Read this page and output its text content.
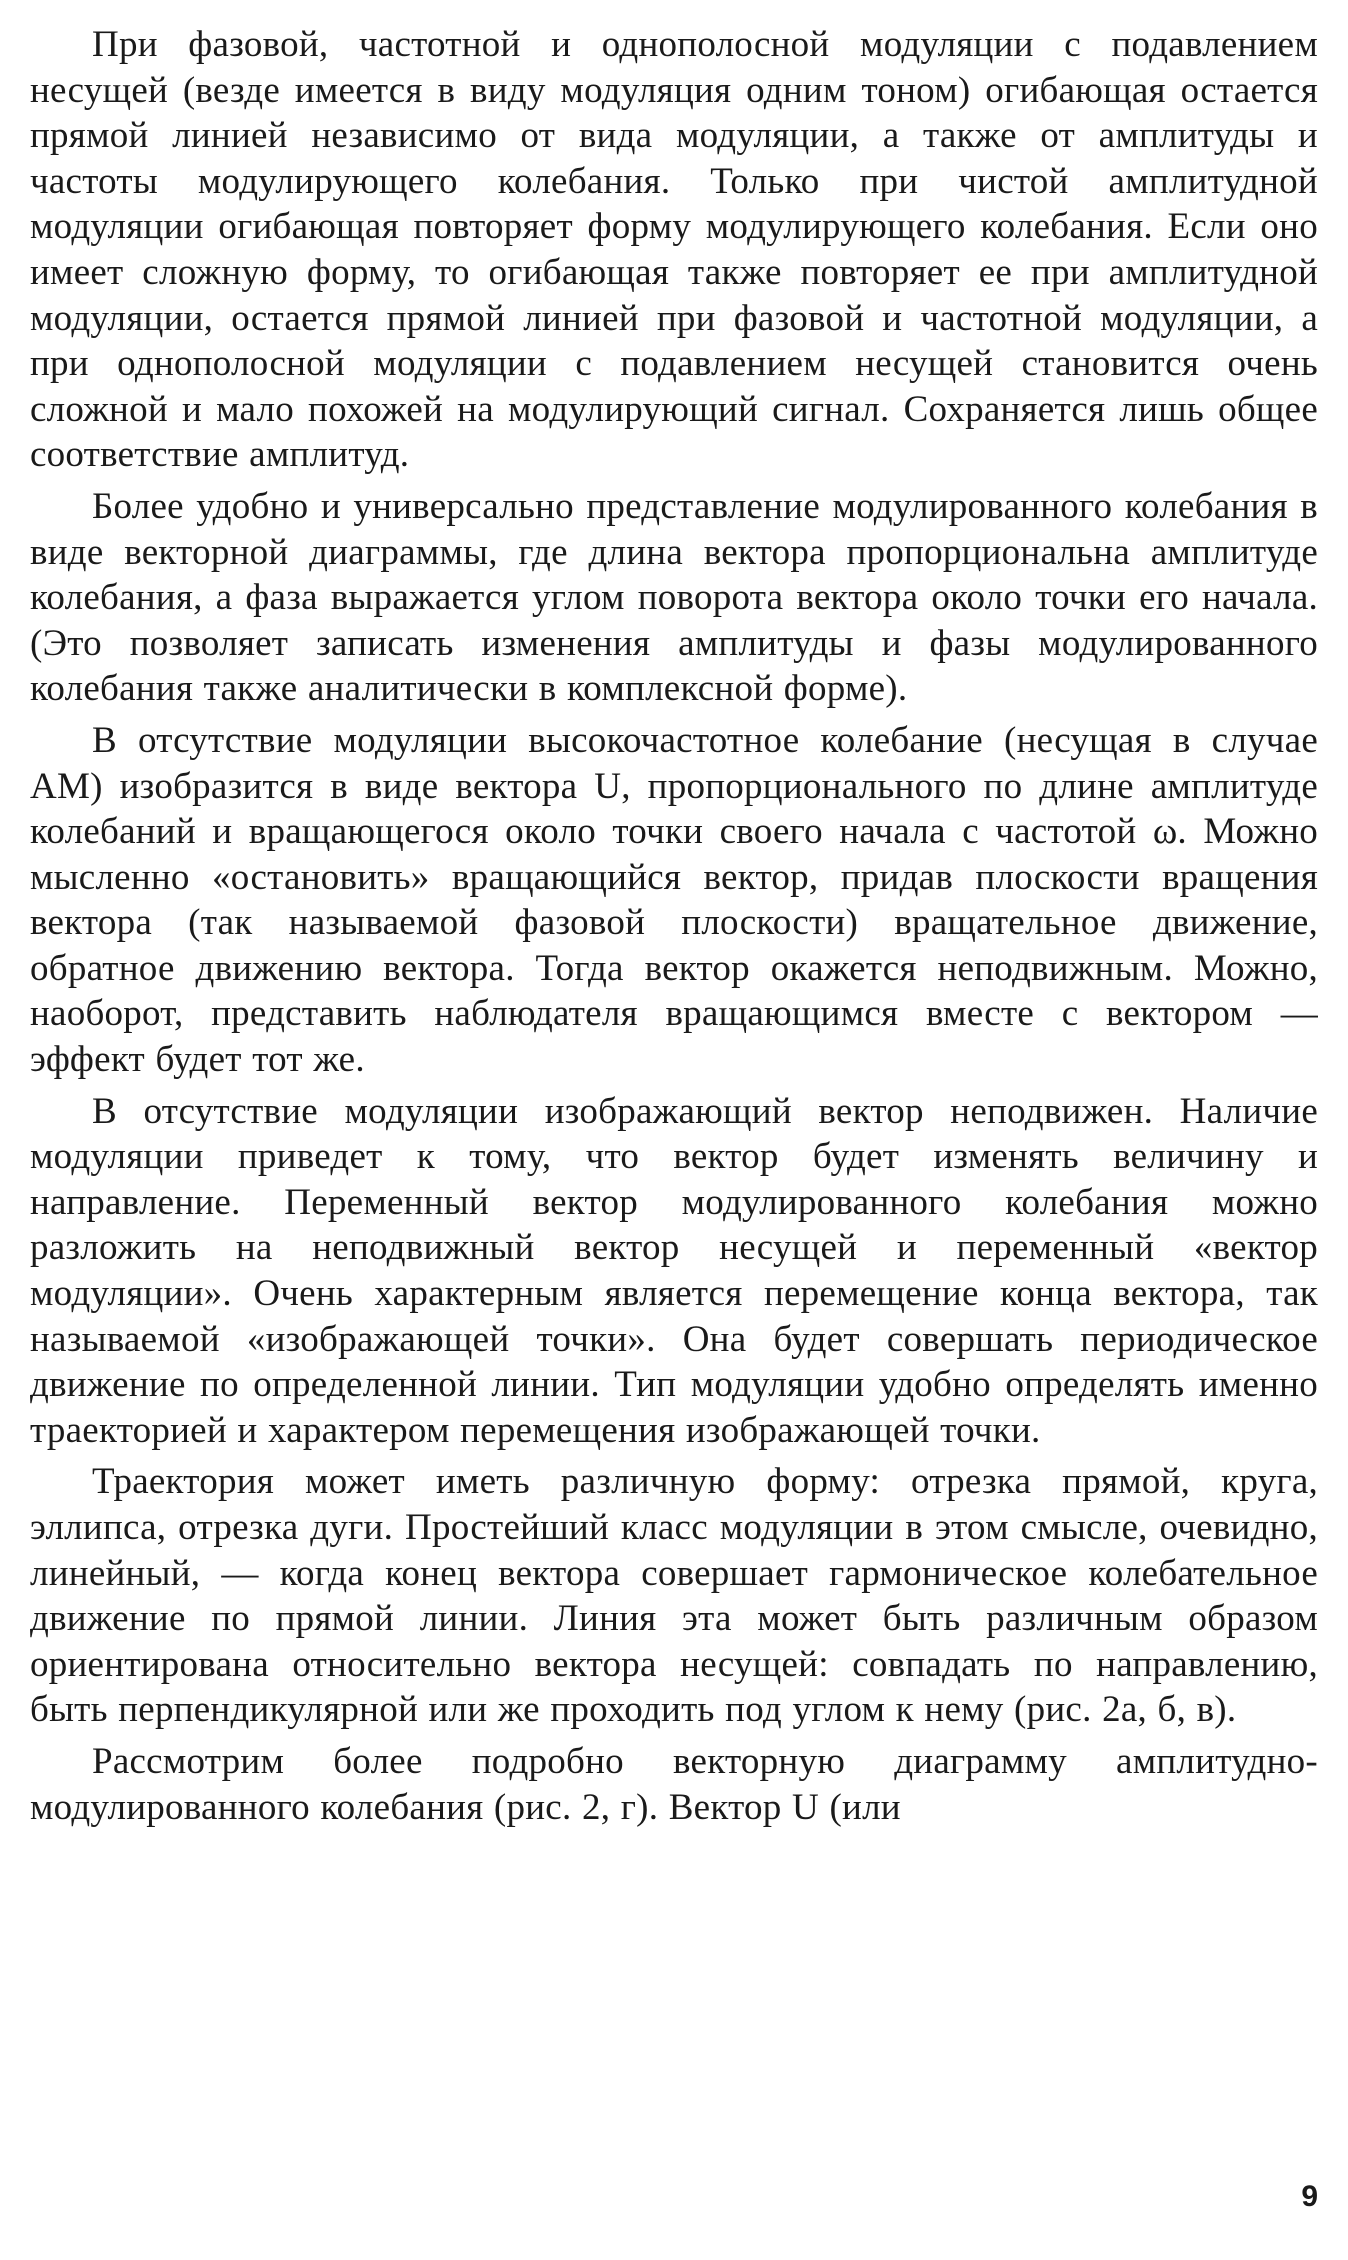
При фазовой, частотной и однополосной модуляции с подавлением несущей (везде имеется в виду модуляция одним тоном) огибающая остается прямой линией независимо от вида модуляции, а также от амплитуды и частоты модулирующего колебания. Только при чистой амплитудной модуляции огибающая повторяет форму модулирующего колебания. Если оно имеет сложную форму, то огибающая также повторяет ее при амплитудной модуляции, остается прямой линией при фазовой и частотной модуляции, а при однополосной модуляции с подавлением несущей становится очень сложной и мало похожей на модулирующий сигнал. Сохраняется лишь общее соответствие амплитуд.

Более удобно и универсально представление модулированного колебания в виде векторной диаграммы, где длина вектора пропорциональна амплитуде колебания, а фаза выражается углом поворота вектора около точки его начала. (Это позволяет записать изменения амплитуды и фазы модулированного колебания также аналитически в комплексной форме).

В отсутствие модуляции высокочастотное колебание (несущая в случае АМ) изобразится в виде вектора U, пропорционального по длине амплитуде колебаний и вращающегося около точки своего начала с частотой ω. Можно мысленно «остановить» вращающийся вектор, придав плоскости вращения вектора (так называемой фазовой плоскости) вращательное движение, обратное движению вектора. Тогда вектор окажется неподвижным. Можно, наоборот, представить наблюдателя вращающимся вместе с вектором — эффект будет тот же.

В отсутствие модуляции изображающий вектор неподвижен. Наличие модуляции приведет к тому, что вектор будет изменять величину и направление. Переменный вектор модулированного колебания можно разложить на неподвижный вектор несущей и переменный «вектор модуляции». Очень характерным является перемещение конца вектора, так называемой «изображающей точки». Она будет совершать периодическое движение по определенной линии. Тип модуляции удобно определять именно траекторией и характером перемещения изображающей точки.

Траектория может иметь различную форму: отрезка прямой, круга, эллипса, отрезка дуги. Простейший класс модуляции в этом смысле, очевидно, линейный, — когда конец вектора совершает гармоническое колебательное движение по прямой линии. Линия эта может быть различным образом ориентирована относительно вектора несущей: совпадать по направлению, быть перпендикулярной или же проходить под углом к нему (рис. 2а, б, в).

Рассмотрим более подробно векторную диаграмму амплитудно-модулированного колебания (рис. 2, г). Вектор U (или

9
